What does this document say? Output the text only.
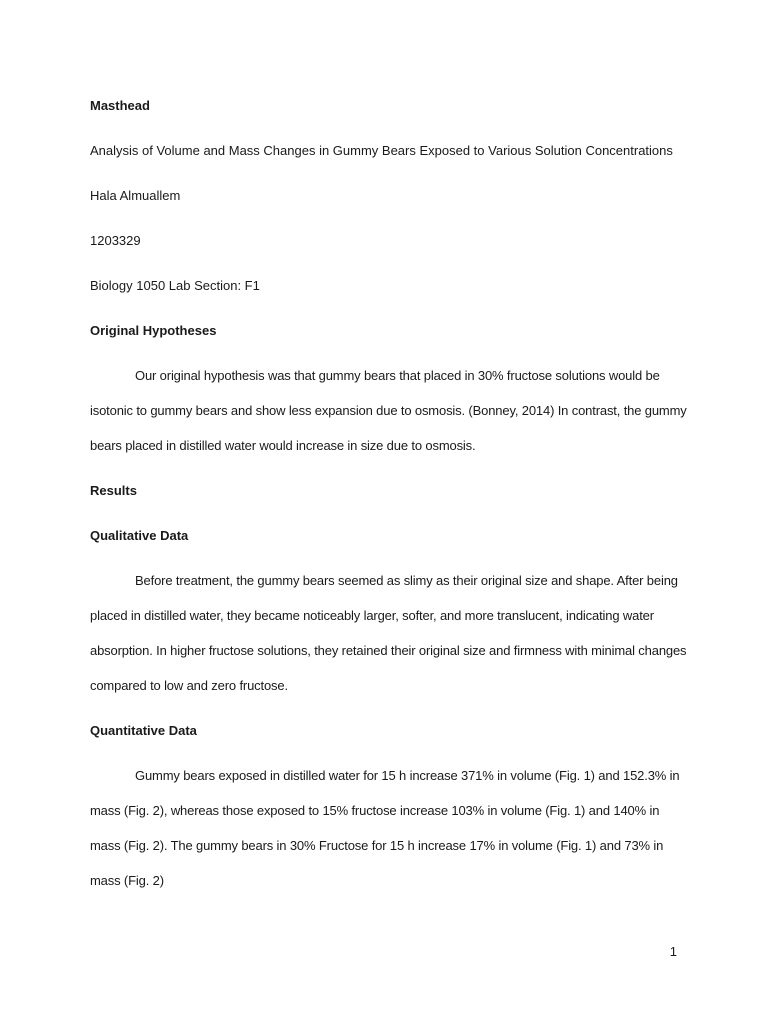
Masthead

Analysis of Volume and Mass Changes in Gummy Bears Exposed to Various Solution Concentrations

Hala Almuallem

1203329

Biology 1050 Lab Section: F1

Original Hypotheses

Our original hypothesis was that gummy bears that placed in 30% fructose solutions would be isotonic to gummy bears and show less expansion due to osmosis. (Bonney, 2014) In contrast, the gummy bears placed in distilled water would increase in size due to osmosis.

Results

Qualitative Data

Before treatment, the gummy bears seemed as slimy as their original size and shape. After being placed in distilled water, they became noticeably larger, softer, and more translucent, indicating water absorption. In higher fructose solutions, they retained their original size and firmness with minimal changes compared to low and zero fructose.

Quantitative Data

Gummy bears exposed in distilled water for 15 h increase 371% in volume (Fig. 1) and 152.3% in mass (Fig. 2), whereas those exposed to 15% fructose increase 103% in volume (Fig. 1) and 140% in mass (Fig. 2). The gummy bears in 30% Fructose for 15 h increase 17% in volume (Fig. 1) and 73% in mass (Fig. 2)

1
